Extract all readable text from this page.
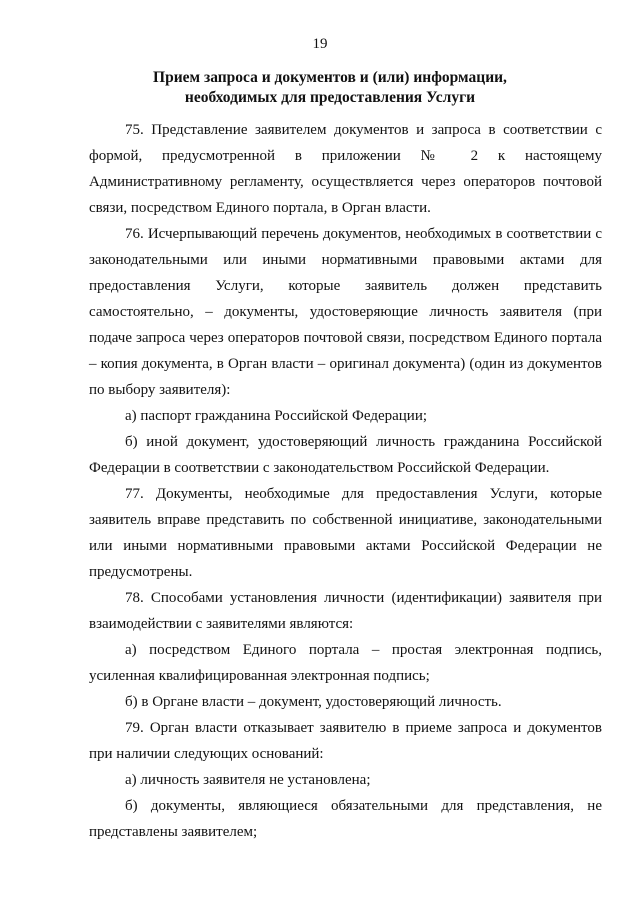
19
Прием запроса и документов и (или) информации,
необходимых для предоставления Услуги

75. Представление заявителем документов и запроса в соответствии с формой, предусмотренной в приложении № 2 к настоящему Административному регламенту, осуществляется через операторов почтовой связи, посредством Единого портала, в Орган власти.

76. Исчерпывающий перечень документов, необходимых в соответствии с законодательными или иными нормативными правовыми актами для предоставления Услуги, которые заявитель должен представить самостоятельно, – документы, удостоверяющие личность заявителя (при подаче запроса через операторов почтовой связи, посредством Единого портала – копия документа, в Орган власти – оригинал документа) (один из документов по выбору заявителя):

а) паспорт гражданина Российской Федерации;

б) иной документ, удостоверяющий личность гражданина Российской Федерации в соответствии с законодательством Российской Федерации.

77. Документы, необходимые для предоставления Услуги, которые заявитель вправе представить по собственной инициативе, законодательными или иными нормативными правовыми актами Российской Федерации не предусмотрены.

78. Способами установления личности (идентификации) заявителя при взаимодействии с заявителями являются:

а) посредством Единого портала – простая электронная подпись, усиленная квалифицированная электронная подпись;

б) в Органе власти – документ, удостоверяющий личность.

79. Орган власти отказывает заявителю в приеме запроса и документов при наличии следующих оснований:

а) личность заявителя не установлена;

б) документы, являющиеся обязательными для представления, не представлены заявителем;
